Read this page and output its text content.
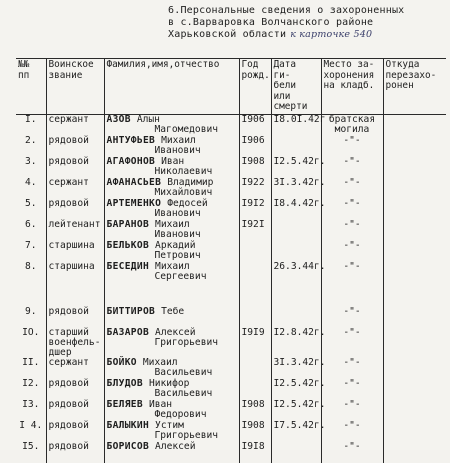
6.Персональные сведения о захороненных
в с.Варваровка Волчанского районе
Харьковской области к карточке 540
№№
пп	Воинское
звание	Фамилия,имя,отчество	Год
рожд.	Дата ги-
бели или
смерти	Место за-
хоронения
на кладб.	Откуда
перезахо-
ронен
I.	сержант	АЗОВ Алын
Магомедович	I906	I8.0I.42г	братская
могила	
2.	рядовой	АНТУФЬЕВ Михаил
Иванович	I906		-"-	
3.	рядовой	АГАФОНОВ Иван
Николаевич	I908	I2.5.42г.	-"-	
4.	сержант	АФАНАСЬЕВ Владимир
Михайлович	I922	3I.3.42г.	-"-	
5.	рядовой	АРТЕМЕНКО Федосей
Иванович	I9I2	I8.4.42г.	-"-	
6.	лейтенант	БАРАНОВ Михаил
Иванович	I92I		-"-	
7.	старшина	БЕЛЬКОВ Аркадий
Петрович			-"-	
8.	старшина	БЕСЕДИН Михаил
Сергеевич		26.3.44г.	-"-	
9.	рядовой	БИТТИРОВ Тебе			-"-	
IO.	старший
военфель-
дшер	БАЗАРОВ Алексей
Григорьевич	I9I9	I2.8.42г.	-"-	
II.	сержант	БОЙКО Михаил
Васильевич		3I.3.42г.	-"-	
I2.	рядовой	БЛУДОВ Никифор
Васильевич		I2.5.42г.	-"-	
I3.	рядовой	БЕЛЯЕВ Иван
Федорович	I908	I2.5.42г.	-"-	
I 4.	рядовой	БАЛЫКИН Устим
Григорьевич	I908	I7.5.42г.	-"-	
I5.	рядовой	БОРИСОВ Алексей	I9I8		-"-	
